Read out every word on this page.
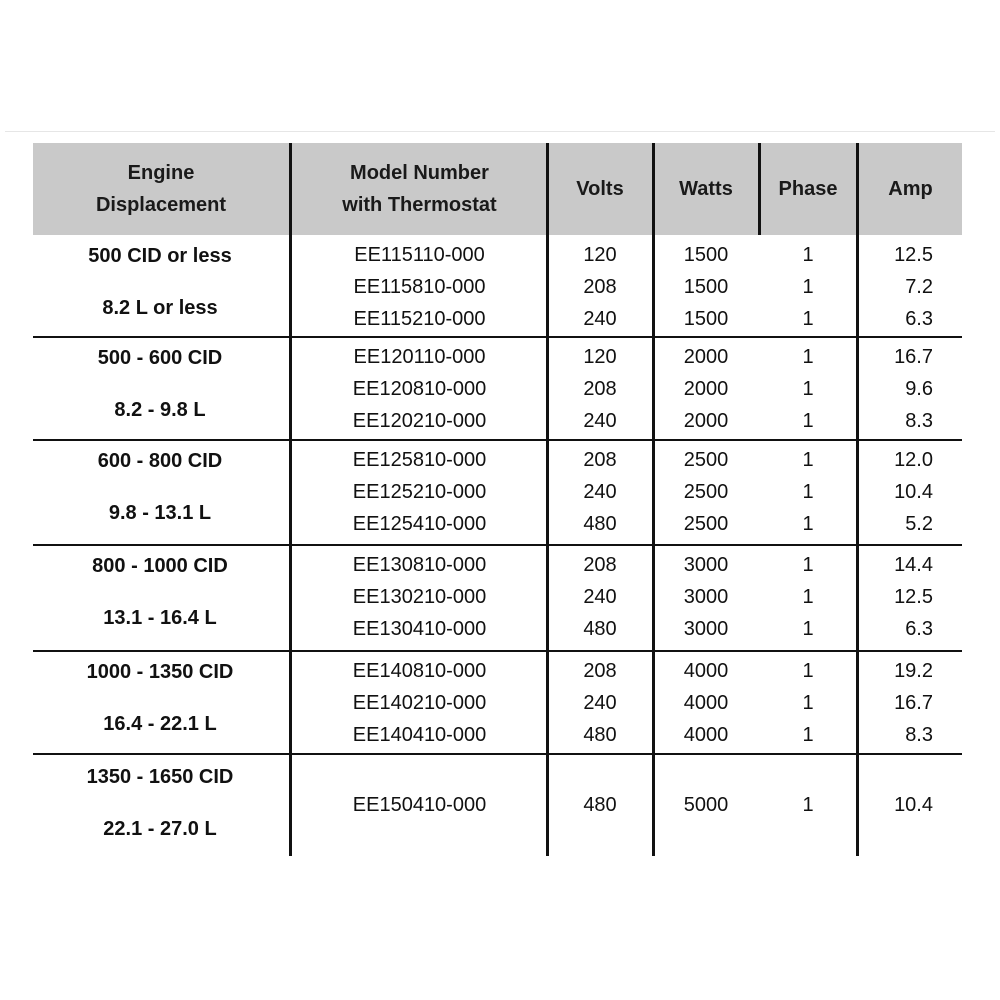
Engine
Displacement
Model Number
with Thermostat
Volts	Watts	Phase	Amp
500 CID or less
8.2 L or less
EE115110-000	120	1500	1	12.5
EE115810-000	208	1500	1	7.2
EE115210-000	240	1500	1	6.3
500 - 600 CID
8.2 - 9.8 L
EE120110-000	120	2000	1	16.7
EE120810-000	208	2000	1	9.6
EE120210-000	240	2000	1	8.3
600 - 800 CID
9.8 - 13.1 L
EE125810-000	208	2500	1	12.0
EE125210-000	240	2500	1	10.4
EE125410-000	480	2500	1	5.2
800 - 1000 CID
13.1 - 16.4 L
EE130810-000	208	3000	1	14.4
EE130210-000	240	3000	1	12.5
EE130410-000	480	3000	1	6.3
1000 - 1350 CID
16.4 - 22.1 L
EE140810-000	208	4000	1	19.2
EE140210-000	240	4000	1	16.7
EE140410-000	480	4000	1	8.3
1350 - 1650 CID
22.1 - 27.0 L
EE150410-000	480	5000	1	10.4
